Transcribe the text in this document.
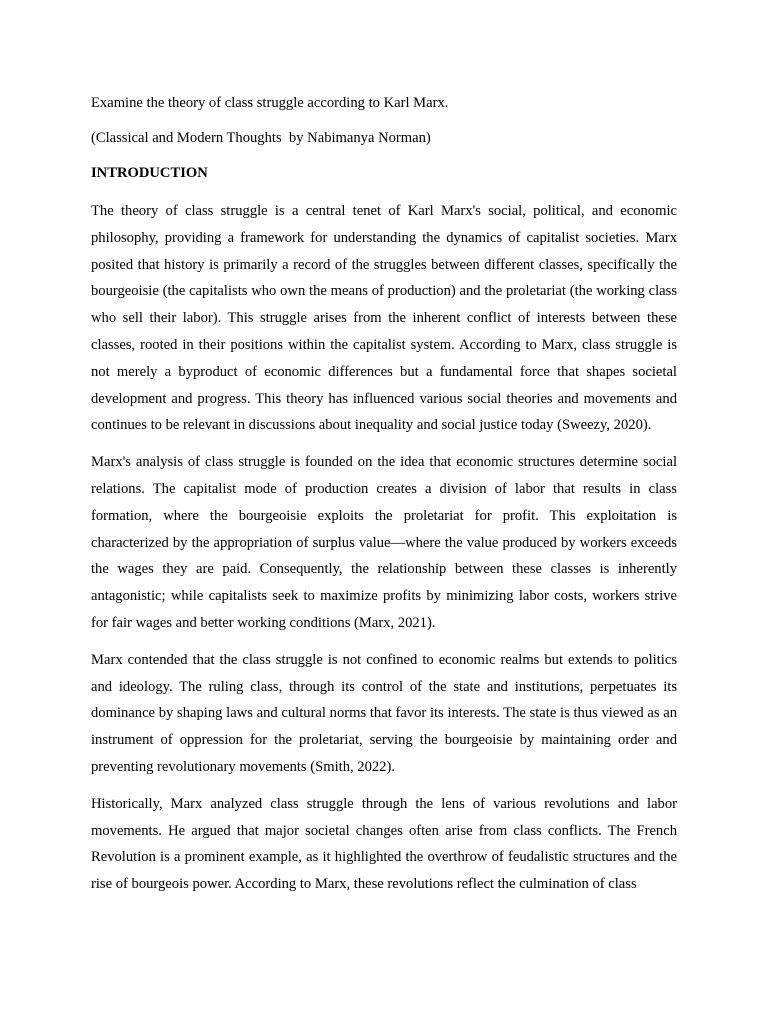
Examine the theory of class struggle according to Karl Marx.

(Classical and Modern Thoughts  by Nabimanya Norman)

INTRODUCTION

The theory of class struggle is a central tenet of Karl Marx's social, political, and economic philosophy, providing a framework for understanding the dynamics of capitalist societies. Marx posited that history is primarily a record of the struggles between different classes, specifically the bourgeoisie (the capitalists who own the means of production) and the proletariat (the working class who sell their labor). This struggle arises from the inherent conflict of interests between these classes, rooted in their positions within the capitalist system. According to Marx, class struggle is not merely a byproduct of economic differences but a fundamental force that shapes societal development and progress. This theory has influenced various social theories and movements and continues to be relevant in discussions about inequality and social justice today (Sweezy, 2020).

Marx's analysis of class struggle is founded on the idea that economic structures determine social relations. The capitalist mode of production creates a division of labor that results in class formation, where the bourgeoisie exploits the proletariat for profit. This exploitation is characterized by the appropriation of surplus value—where the value produced by workers exceeds the wages they are paid. Consequently, the relationship between these classes is inherently antagonistic; while capitalists seek to maximize profits by minimizing labor costs, workers strive for fair wages and better working conditions (Marx, 2021).

Marx contended that the class struggle is not confined to economic realms but extends to politics and ideology. The ruling class, through its control of the state and institutions, perpetuates its dominance by shaping laws and cultural norms that favor its interests. The state is thus viewed as an instrument of oppression for the proletariat, serving the bourgeoisie by maintaining order and preventing revolutionary movements (Smith, 2022).

Historically, Marx analyzed class struggle through the lens of various revolutions and labor movements. He argued that major societal changes often arise from class conflicts. The French Revolution is a prominent example, as it highlighted the overthrow of feudalistic structures and the rise of bourgeois power. According to Marx, these revolutions reflect the culmination of class
